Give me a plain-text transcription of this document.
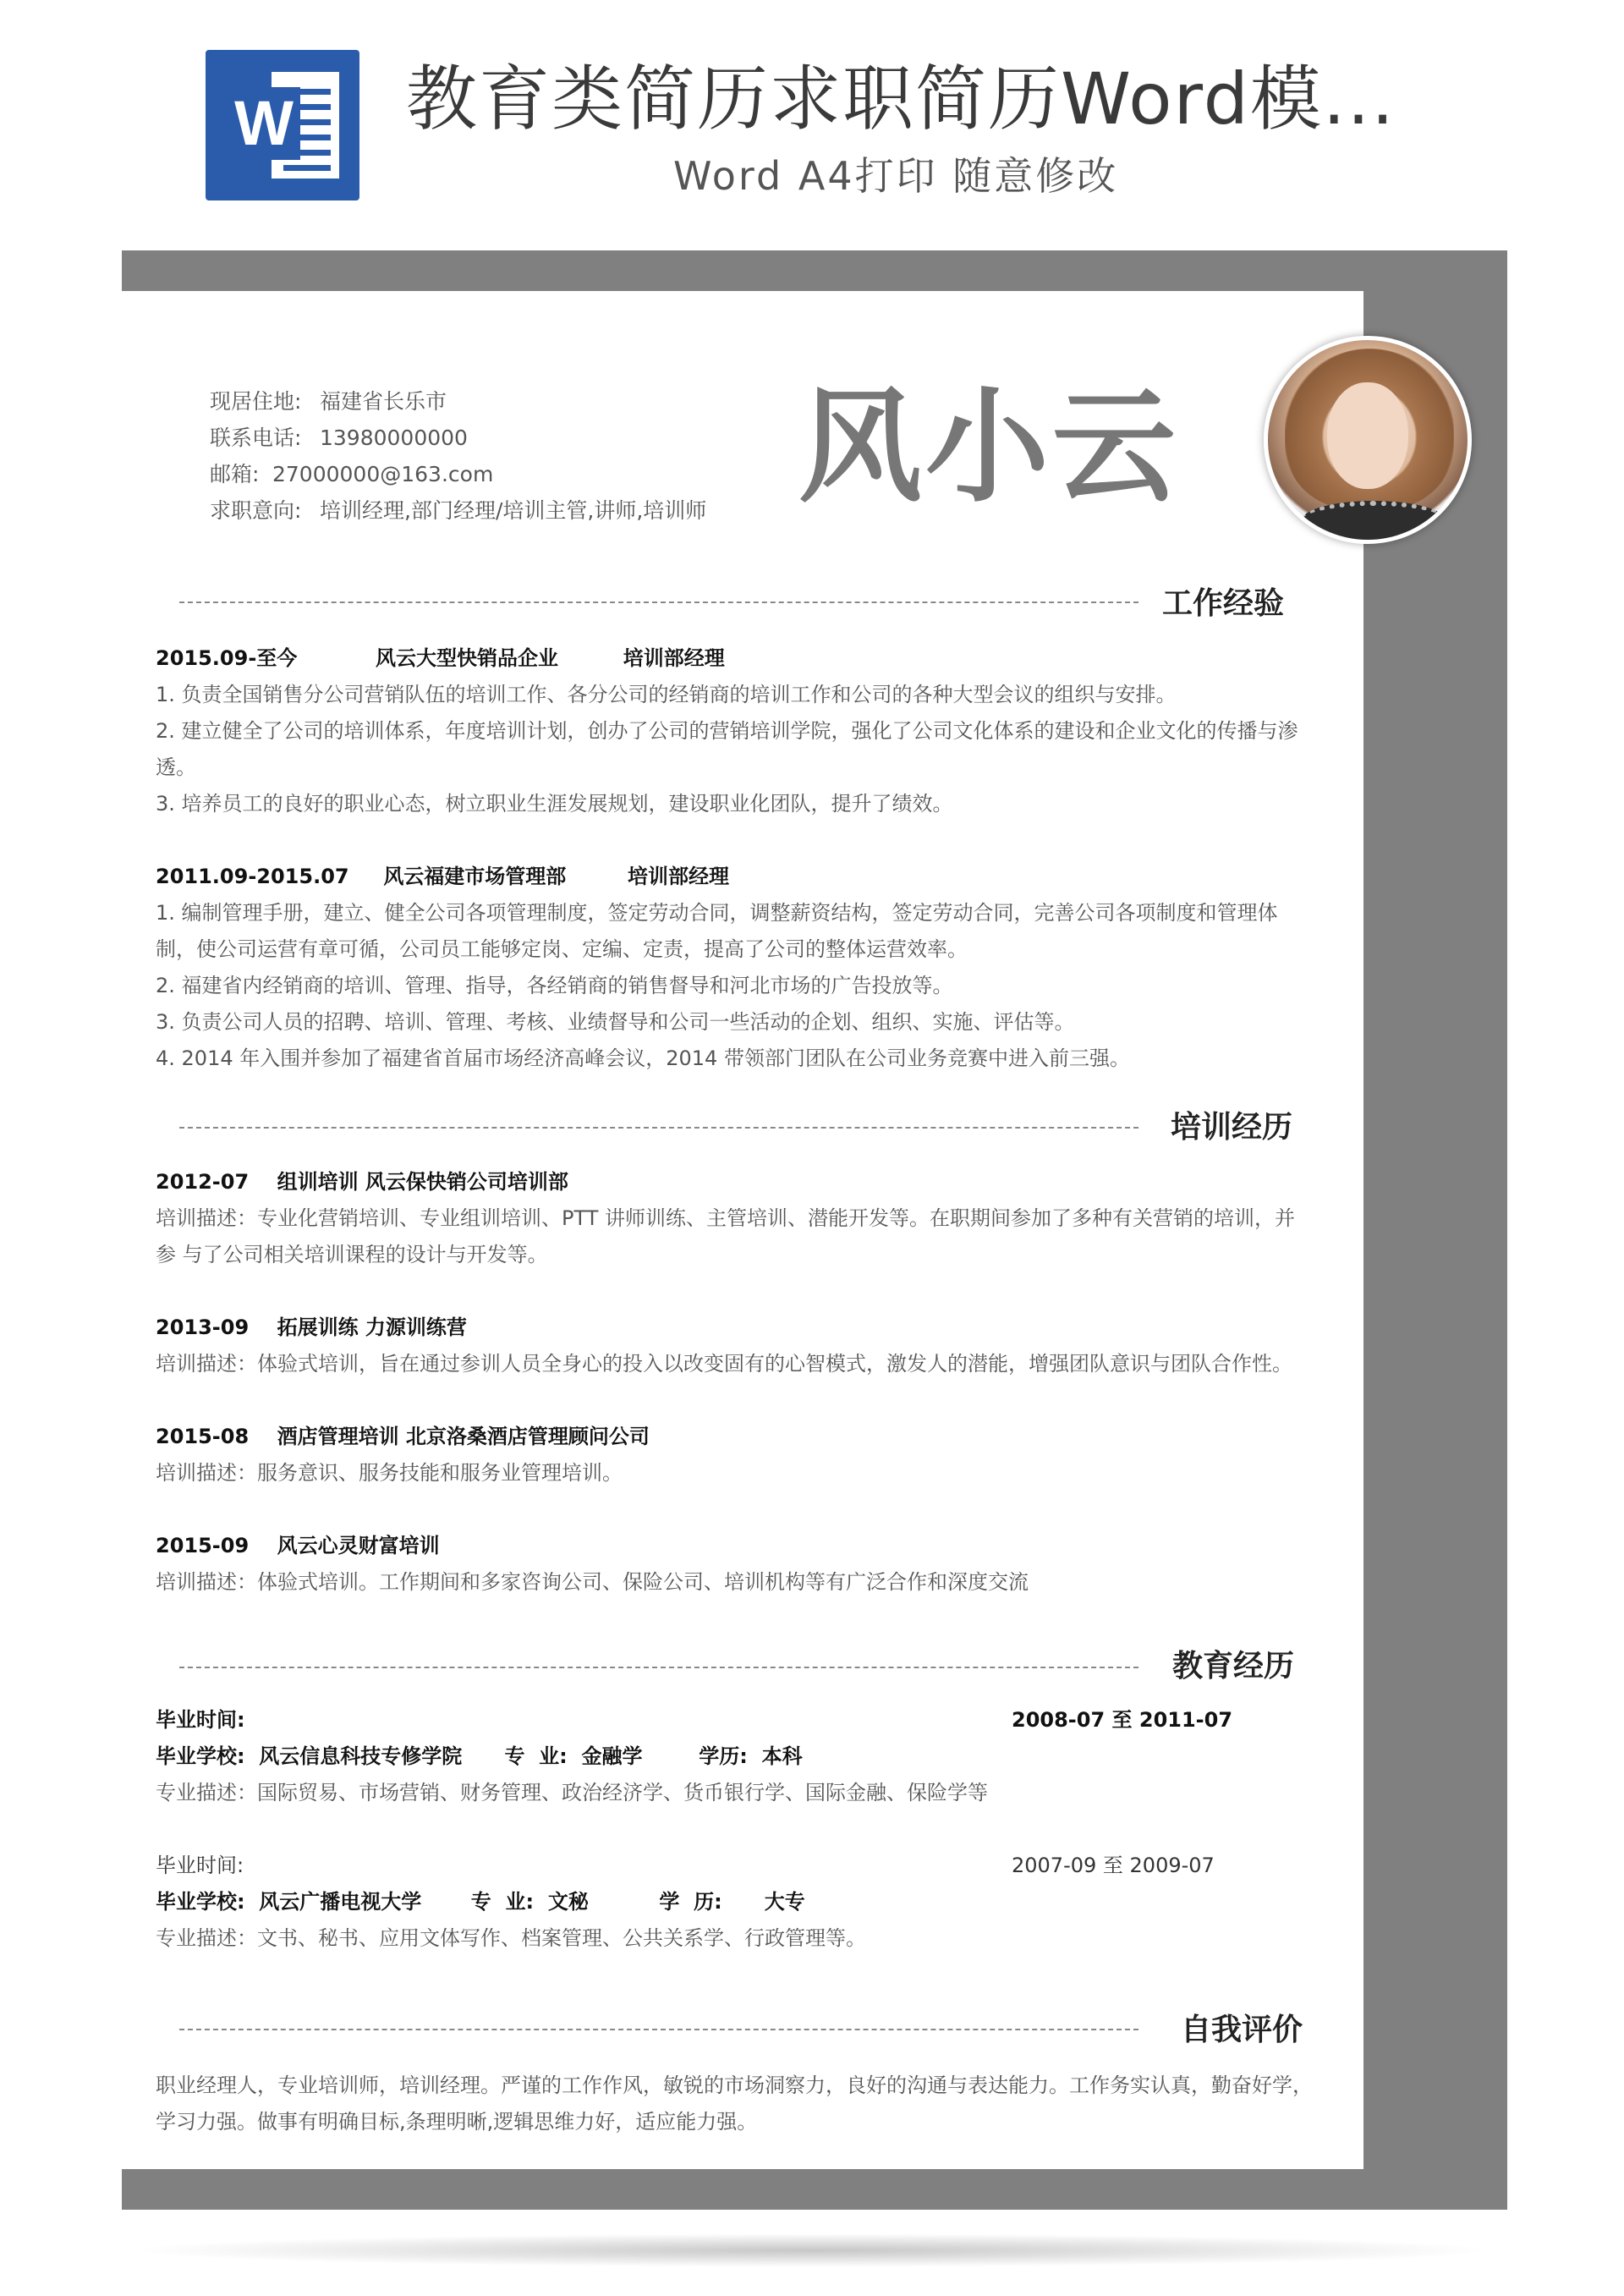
W 教育类简历求职简历Word模...
Word A4打印 随意修改
现居住地: 福建省长乐市
联系电话: 13980000000
邮箱: 27000000@163.com
求职意向: 培训经理,部门经理/培训主管,讲师,培训师 风小云
工作经验
2015.09-至今	风云大型快销品企业	培训部经理

1. 负责全国销售分公司营销队伍的培训工作、各分公司的经销商的培训工作和公司的各种大型会议的组织与安排。

2. 建立健全了公司的培训体系，年度培训计划，创办了公司的营销培训学院，强化了公司文化体系的建设和企业文化的传播与渗透。

3. 培养员工的良好的职业心态，树立职业生涯发展规划，建设职业化团队，提升了绩效。

2011.09-2015.07 风云福建市场管理部	培训部经理

1. 编制管理手册，建立、健全公司各项管理制度，签定劳动合同，调整薪资结构，签定劳动合同，完善公司各项制度和管理体制，使公司运营有章可循，公司员工能够定岗、定编、定责，提高了公司的整体运营效率。

2. 福建省内经销商的培训、管理、指导，各经销商的销售督导和河北市场的广告投放等。

3. 负责公司人员的招聘、培训、管理、考核、业绩督导和公司一些活动的企划、组织、实施、评估等。

4. 2014 年入围并参加了福建省首届市场经济高峰会议，2014 带领部门团队在公司业务竞赛中进入前三强。

培训经历
2012-07    组训培训 风云保快销公司培训部
培训描述：专业化营销培训、专业组训培训、PTT 讲师训练、主管培训、潜能开发等。在职期间参加了多种有关营销的培训，并参 与了公司相关培训课程的设计与开发等。
2013-09    拓展训练 力源训练营
培训描述：体验式培训，旨在通过参训人员全身心的投入以改变固有的心智模式，激发人的潜能，增强团队意识与团队合作性。
2015-08    酒店管理培训 北京洛桑酒店管理顾问公司
培训描述：服务意识、服务技能和服务业管理培训。
2015-09    风云心灵财富培训
培训描述：体验式培训。工作期间和多家咨询公司、保险公司、培训机构等有广泛合作和深度交流
教育经历
毕业时间:	2008-07 至 2011-07
毕业学校:  风云信息科技专修学院      专  业:  金融学        学历:  本科
专业描述：国际贸易、市场营销、财务管理、政治经济学、货币银行学、国际金融、保险学等
毕业时间:	2007-09 至 2009-07
毕业学校:  风云广播电视大学       专  业:  文秘          学  历:      大专
专业描述：文书、秘书、应用文体写作、档案管理、公共关系学、行政管理等。
自我评价
职业经理人，专业培训师，培训经理。严谨的工作作风，敏锐的市场洞察力，良好的沟通与表达能力。工作务实认真，勤奋好学，学习力强。做事有明确目标,条理明晰,逻辑思维力好，适应能力强。
